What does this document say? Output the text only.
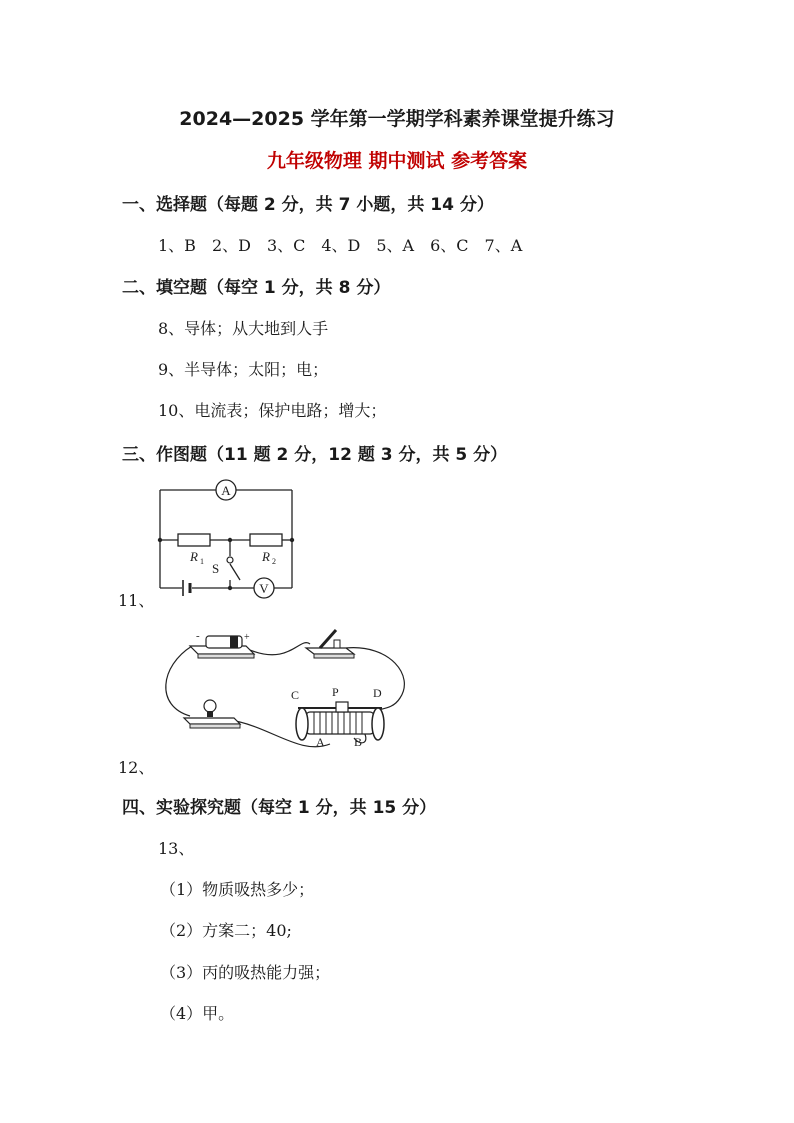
2024—2025 学年第一学期学科素养课堂提升练习
九年级物理 期中测试 参考答案
一、选择题（每题 2 分，共 7 小题，共 14 分）
1、B　2、D　3、C　4、D　5、A　6、C　7、A
二、填空题（每空 1 分，共 8 分）
8、导体；从大地到人手
9、半导体；太阳；电；
10、电流表；保护电路；增大；
三、作图题（11 题 2 分，12 题 3 分，共 5 分）
A
V
R 1	R 2
S
11、
-	+
C	P	D
A B
12、
四、实验探究题（每空 1 分，共 15 分）
13、
（1）物质吸热多少；
（2）方案二；40;
（3）丙的吸热能力强；
（4）甲。
